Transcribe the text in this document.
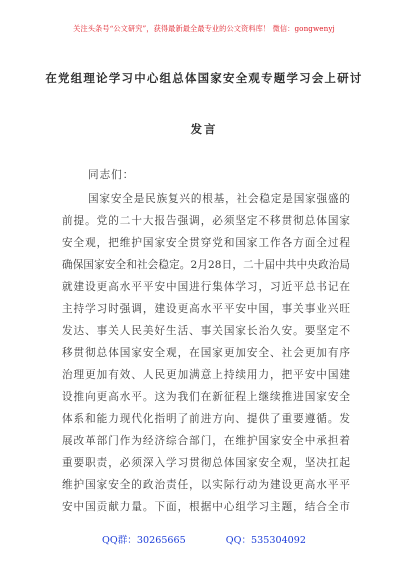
关注头条号“公文研究”，获得最新最全最专业的公文资料库！ 微信：gongwenyj
在党组理论学习中心组总体国家安全观专题学习会上研讨
发言
同志们：
国家安全是民族复兴的根基，社会稳定是国家强盛的
前提。党的二十大报告强调，必须坚定不移贯彻总体国家
安全观，把维护国家安全贯穿党和国家工作各方面全过程
确保国家安全和社会稳定。2月28日，二十届中共中央政治局
就建设更高水平平安中国进行集体学习，习近平总书记在
主持学习时强调，建设更高水平平安中国，事关事业兴旺
发达、事关人民美好生活、事关国家长治久安。要坚定不
移贯彻总体国家安全观，在国家更加安全、社会更加有序
治理更加有效、人民更加满意上持续用力，把平安中国建
设推向更高水平。这为我们在新征程上继续推进国家安全
体系和能力现代化指明了前进方向、提供了重要遵循。发
展改革部门作为经济综合部门，在维护国家安全中承担着
重要职责，必须深入学习贯彻总体国家安全观，坚决扛起
维护国家安全的政治责任，以实际行动为建设更高水平平
安中国贡献力量。下面，根据中心组学习主题，结合全市
QQ群：30265665	QQ：535304092
